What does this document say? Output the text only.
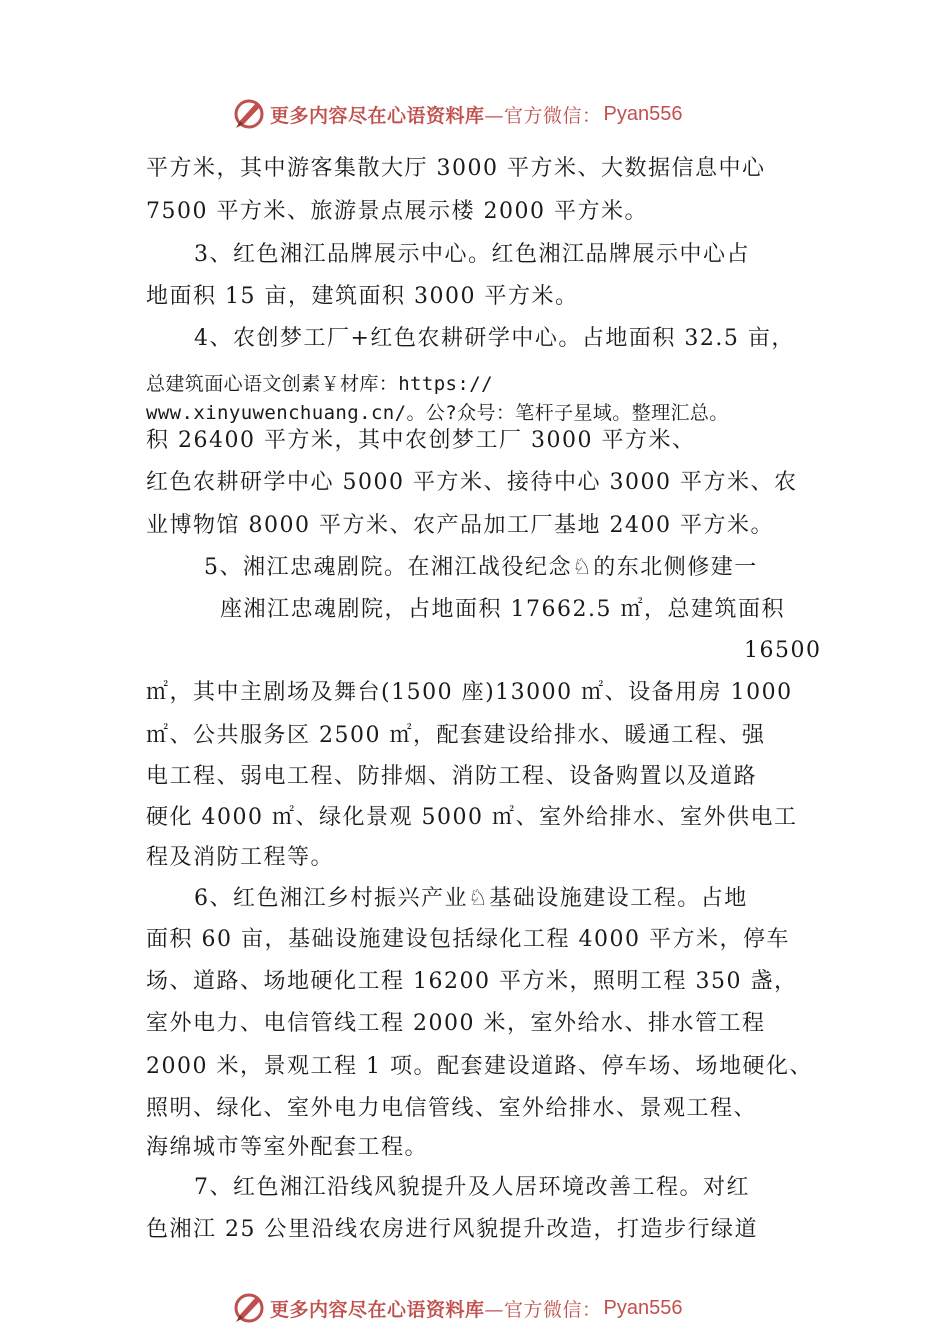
更多内容尽在心语资料库 —官方微信： Pyan556
平方米，其中游客集散大厅 3000 平方米、大数据信息中心
7500 平方米、旅游景点展示楼 2000 平方米。
3、红色湘江品牌展示中心。红色湘江品牌展示中心占
地面积 15 亩，建筑面积 3000 平方米。
4、农创梦工厂+红色农耕研学中心。占地面积 32.5 亩，
总建筑面心语文创素￥材库：https://
www.xinyuwenchuang.cn/。公?众号：笔杆子星域。整理汇总。
积 26400 平方米，其中农创梦工厂 3000 平方米、
红色农耕研学中心 5000 平方米、接待中心 3000 平方米、农
业博物馆 8000 平方米、农产品加工厂基地 2400 平方米。
5、湘江忠魂剧院。在湘江战役纪念♘的东北侧修建一
座湘江忠魂剧院，占地面积 17662.5 ㎡，总建筑面积
16500
㎡，其中主剧场及舞台(1500 座)13000 ㎡、设备用房 1000
㎡、公共服务区 2500 ㎡，配套建设给排水、暖通工程、强
电工程、弱电工程、防排烟、消防工程、设备购置以及道路
硬化 4000 ㎡、绿化景观 5000 ㎡、室外给排水、室外供电工
程及消防工程等。
6、红色湘江乡村振兴产业♘基础设施建设工程。占地
面积 60 亩，基础设施建设包括绿化工程 4000 平方米，停车
场、道路、场地硬化工程 16200 平方米，照明工程 350 盏，
室外电力、电信管线工程 2000 米，室外给水、排水管工程
2000 米，景观工程 1 项。配套建设道路、停车场、场地硬化、
照明、绿化、室外电力电信管线、室外给排水、景观工程、
海绵城市等室外配套工程。
7、红色湘江沿线风貌提升及人居环境改善工程。对红
色湘江 25 公里沿线农房进行风貌提升改造，打造步行绿道
更多内容尽在心语资料库 —官方微信： Pyan556
